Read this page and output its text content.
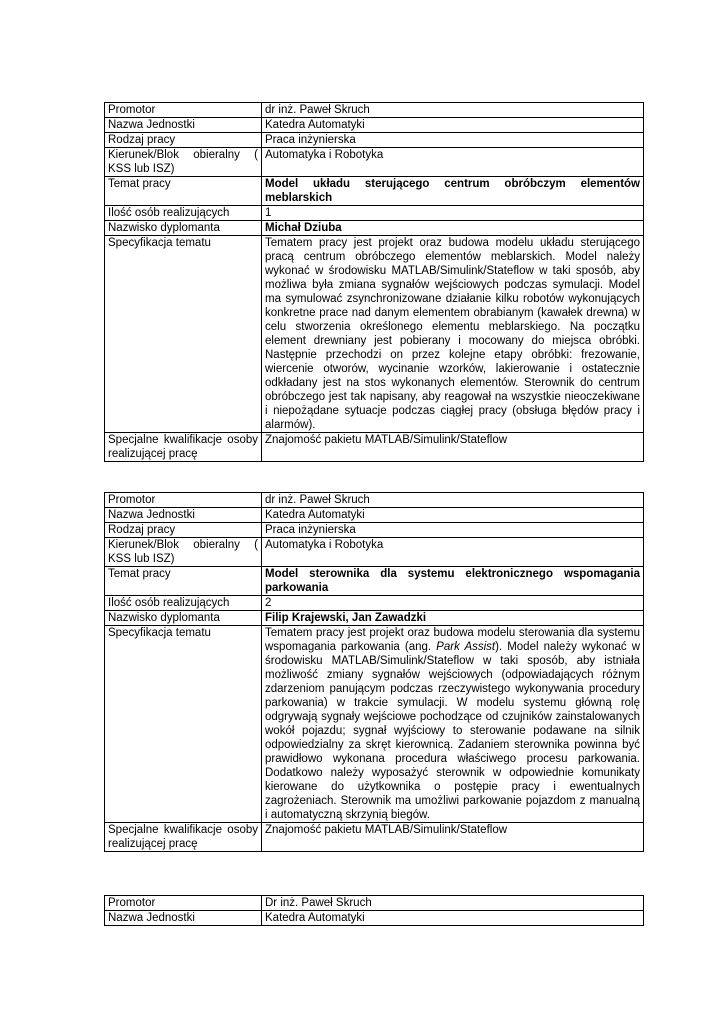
Promotor	dr inż. Paweł Skruch
Nazwa Jednostki	Katedra Automatyki
Rodzaj pracy	Praca inżynierska
Kierunek/Blok obieralny ( KSS lub ISZ)	Automatyka i Robotyka
Temat pracy	Model układu sterującego centrum obróbczym elementów meblarskich
Ilość osób realizujących	1
Nazwisko dyplomanta	Michał Dziuba
Specyfikacja tematu	Tematem pracy jest projekt oraz budowa modelu układu sterującego pracą centrum obróbczego elementów meblarskich. Model należy wykonać w środowisku MATLAB/Simulink/Stateflow w taki sposób, aby możliwa była zmiana sygnałów wejściowych podczas symulacji. Model ma symulować zsynchronizowane działanie kilku robotów wykonujących konkretne prace nad danym elementem obrabianym (kawałek drewna) w celu stworzenia określonego elementu meblarskiego. Na początku element drewniany jest pobierany i mocowany do miejsca obróbki. Następnie przechodzi on przez kolejne etapy obróbki: frezowanie, wiercenie otworów, wycinanie wzorków, lakierowanie i ostatecznie odkładany jest na stos wykonanych elementów. Sterownik do centrum obróbczego jest tak napisany, aby reagował na wszystkie nieoczekiwane i niepożądane sytuacje podczas ciągłej pracy (obsługa błędów pracy i alarmów).
Specjalne kwalifikacje osoby realizującej pracę	Znajomość pakietu MATLAB/Simulink/Stateflow
Promotor	dr inż. Paweł Skruch
Nazwa Jednostki	Katedra Automatyki
Rodzaj pracy	Praca inżynierska
Kierunek/Blok obieralny ( KSS lub ISZ)	Automatyka i Robotyka
Temat pracy	Model sterownika dla systemu elektronicznego wspomagania parkowania
Ilość osób realizujących	2
Nazwisko dyplomanta	Filip Krajewski, Jan Zawadzki
Specyfikacja tematu	Tematem pracy jest projekt oraz budowa modelu sterowania dla systemu wspomagania parkowania (ang. Park Assist). Model należy wykonać w środowisku MATLAB/Simulink/Stateflow w taki sposób, aby istniała możliwość zmiany sygnałów wejściowych (odpowiadających różnym zdarzeniom panującym podczas rzeczywistego wykonywania procedury parkowania) w trakcie symulacji. W modelu systemu główną rolę odgrywają sygnały wejściowe pochodzące od czujników zainstalowanych wokół pojazdu; sygnał wyjściowy to sterowanie podawane na silnik odpowiedzialny za skręt kierownicą. Zadaniem sterownika powinna być prawidłowo wykonana procedura właściwego procesu parkowania. Dodatkowo należy wyposażyć sterownik w odpowiednie komunikaty kierowane do użytkownika o postępie pracy i ewentualnych zagrożeniach. Sterownik ma umożliwi parkowanie pojazdom z manualną i automatyczną skrzynią biegów.
Specjalne kwalifikacje osoby realizującej pracę	Znajomość pakietu MATLAB/Simulink/Stateflow
Promotor	Dr inż. Paweł Skruch
Nazwa Jednostki	Katedra Automatyki
